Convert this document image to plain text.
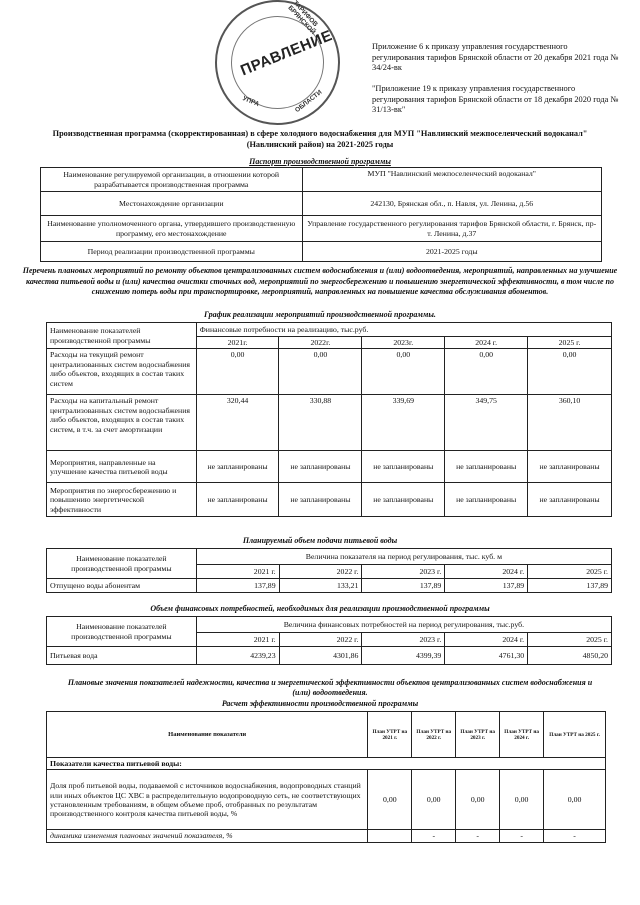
ПРАВЛЕНИЕ
ТАРИФОВ БРЯНСКОЙ
ОБЛАСТИ
УПРА
Приложение 6 к приказу управления государственного регулирования тарифов Брянской области от 20 декабря 2021 года № 34/24-вк
"Приложение 19 к приказу управления государственного регулирования тарифов Брянской области от 18 декабря 2020 года № 31/13-вк"
Производственная программа (скорректированная) в сфере холодного водоснабжения для МУП "Навлинский межпоселенческий водоканал" (Навлинский район) на 2021-2025 годы
Паспорт производственной программы
Наименование регулируемой организации, в отношении которой разрабатывается производственная программа	МУП "Навлинский межпоселенческий водоканал"
Местонахождение организации	242130, Брянская обл., п. Навля, ул. Ленина, д.56
Наименование уполномоченного органа, утвердившего производственную программу, его местонахождение	Управление государственного регулирования тарифов Брянской области, г. Брянск, пр-т. Ленина, д.37
Период реализации производственной программы	2021-2025 годы
Перечень плановых мероприятий по ремонту объектов централизованных систем водоснабжения и (или) водоотведения, мероприятий, направленных на улучшение качества питьевой воды и (или) качества очистки сточных вод, мероприятий по энергосбережению и повышению энергетической эффективности, в том числе по снижению потерь воды при транспортировке, мероприятий, направленных на повышение качества обслуживания абонентов.
График реализации мероприятий производственной программы.
Наименование показателей производственной программы	Финансовые потребности на реализацию, тыс.руб.				
	2021г.	2022г.	2023г.	2024 г.	2025 г.
Расходы на текущий ремонт централизованных систем водоснабжения либо объектов, входящих в состав таких систем	0,00	0,00	0,00	0,00	0,00
Расходы на капитальный ремонт централизованных систем водоснабжения либо объектов, входящих в состав таких систем, в т.ч. за счет амортизации	320,44	330,88	339,69	349,75	360,10
Мероприятия, направленные на улучшение качества питьевой воды	не запланированы	не запланированы	не запланированы	не запланированы	не запланированы
Мероприятия по энергосбережению и повышению энергетической эффективности	не запланированы	не запланированы	не запланированы	не запланированы	не запланированы
Планируемый объем подачи питьевой воды
Наименование показателей производственной программы	Величина показателя на период регулирования, тыс. куб. м				
	2021 г.	2022 г.	2023 г.	2024 г.	2025 г.
Отпущено воды абонентам	137,89	133,21	137,89	137,89	137,89
Объем финансовых потребностей, необходимых для реализации производственной программы
Наименование показателей производственной программы	Величина финансовых потребностей на период регулирования, тыс.руб.				
	2021 г.	2022 г.	2023 г.	2024 г.	2025 г.
Питьевая вода	4239,23	4301,86	4399,39	4761,30	4850,20
Плановые значения показателей надежности, качества и энергетической эффективности объектов централизованных систем водоснабжения и (или) водоотведения.
Расчет эффективности производственной программы
Наименование показатели	План УТРТ на 2021 г.	План УТРТ на 2022 г.	План УТРТ на 2023 г.	План УТРТ на 2024 г.	План УТРТ на 2025 г.
Показатели качества питьевой воды:					
Доля проб питьевой воды, подаваемой с источников водоснабжения, водопроводных станций или иных объектов ЦС ХВС в распределительную водопроводную сеть, не соответствующих установленным требованиям, в общем объеме проб, отобранных по результатам производственного контроля качества питьевой воды, %	0,00	0,00	0,00	0,00	0,00
динамика изменения плановых значений показателя, %		-	-	-	-
